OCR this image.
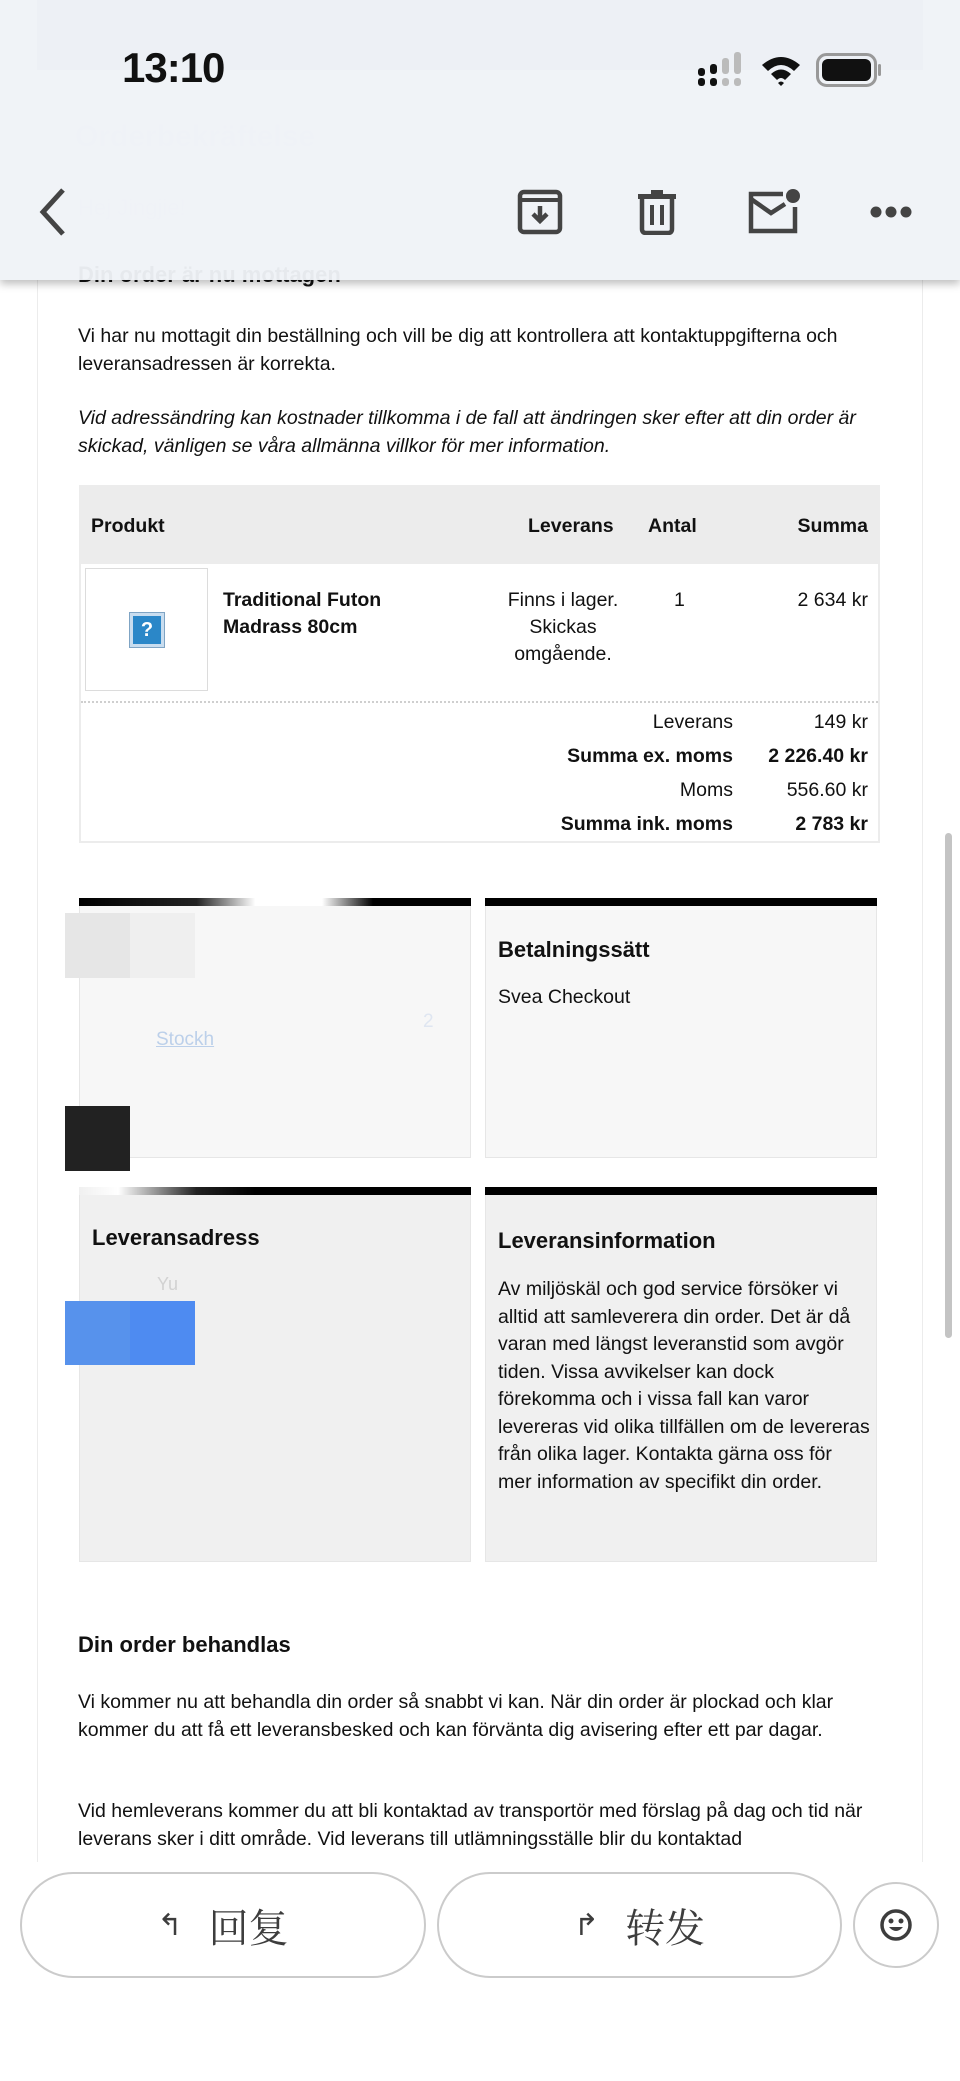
Vi har nu mottagit din beställning och vill be dig att kontrollera att kontaktuppgifterna och leveransadressen är korrekta.

Vid adressändring kan kostnader tillkomma i de fall att ändringen sker efter att din order är skickad, vänligen se våra allmänna villkor för mer information.

Produkt	Leverans Antal	Summa
?
Traditional Futon
Madrass 80cm
Finns i lager.
Skickas
omgående.
1	2 634 kr
Leverans	149 kr
Summa ex. moms 2 226.40 kr
Moms	556.60 kr
Summa ink. moms	2 783 kr
Stockh
2
Betalningssätt
Svea Checkout
Leveransadress
Yu
Leveransinformation
Av miljöskäl och god service försöker vi alltid att samleverera din order. Det är då varan med längst leveranstid som avgör tiden. Vissa avvikelser kan dock förekomma och i vissa fall kan varor levereras vid olika tillfällen om de levereras från olika lager. Kontakta gärna oss för mer information av specifikt din order.
Din order behandlas

Vi kommer nu att behandla din order så snabbt vi kan. När din order är plockad och klar kommer du att få ett leveransbesked och kan förvänta dig avisering efter ett par dagar.

Vid hemleverans kommer du att bli kontaktad av transportör med förslag på dag och tid när leverans sker i ditt område. Vid leverans till utlämningsställe blir du kontaktad

13:10
↰ 回复	↱ 转发
